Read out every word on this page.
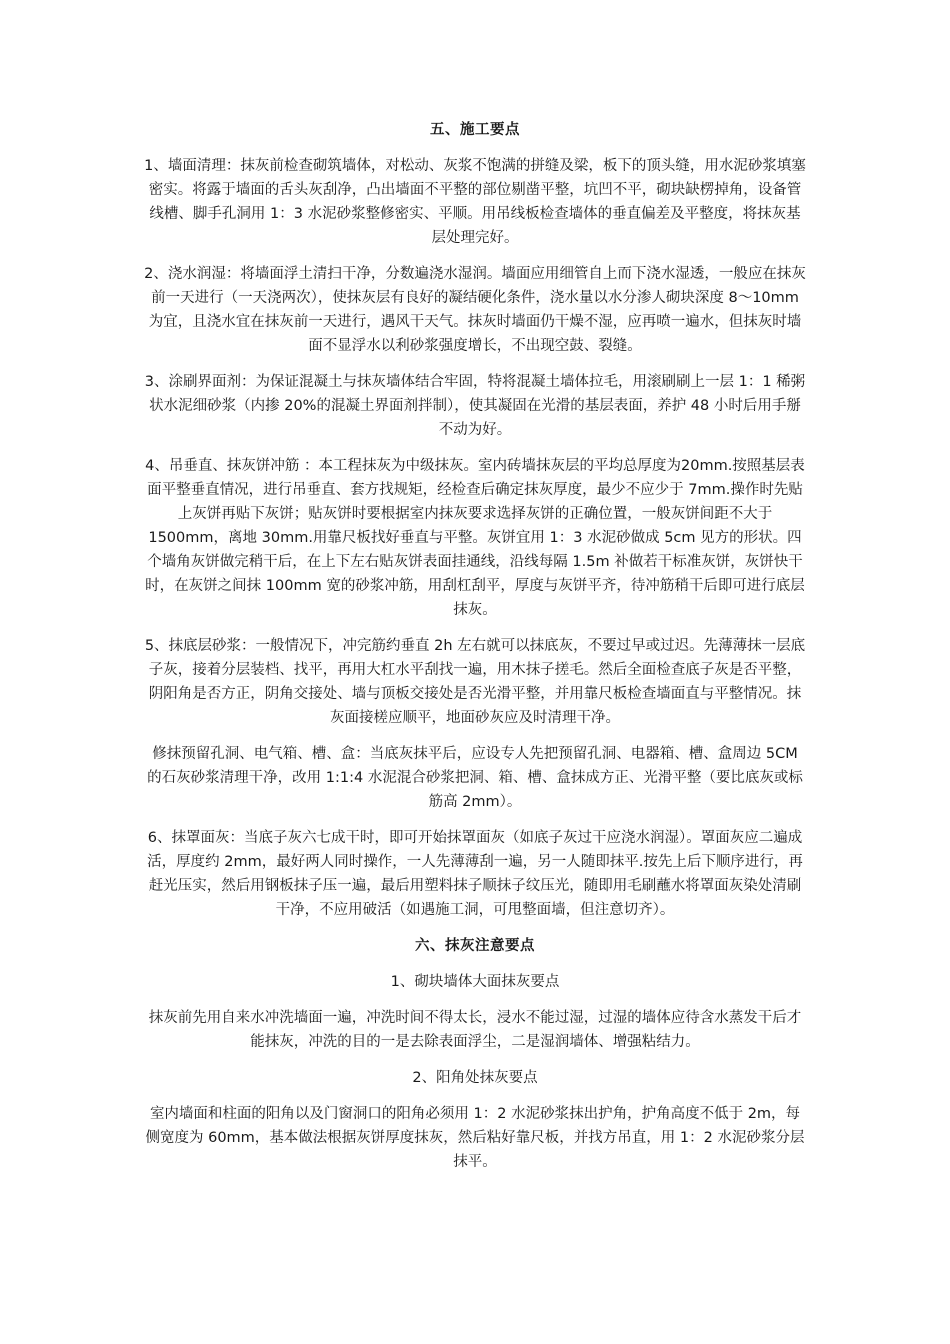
五、施工要点

1、墙面清理：抹灰前检查砌筑墙体，对松动、灰浆不饱满的拼缝及梁，板下的顶头缝，用水泥砂浆填塞密实。将露于墙面的舌头灰刮净，凸出墙面不平整的部位剔凿平整，坑凹不平，砌块缺楞掉角，设备管线槽、脚手孔洞用 1：3 水泥砂浆整修密实、平顺。用吊线板检查墙体的垂直偏差及平整度，将抹灰基层处理完好。

2、浇水润湿：将墙面浮土清扫干净，分数遍浇水湿润。墙面应用细管自上而下浇水湿透，一般应在抹灰前一天进行（一天浇两次），使抹灰层有良好的凝结硬化条件，浇水量以水分渗人砌块深度 8～10mm 为宜，且浇水宜在抹灰前一天进行，遇风干天气。抹灰时墙面仍干燥不湿，应再喷一遍水，但抹灰时墙面不显浮水以利砂浆强度增长，不出现空鼓、裂缝。

3、涂刷界面剂：为保证混凝土与抹灰墙体结合牢固，特将混凝土墙体拉毛，用滚刷刷上一层 1：1 稀粥状水泥细砂浆（内掺 20%的混凝土界面剂拌制），使其凝固在光滑的基层表面，养护 48 小时后用手掰不动为好。

4、吊垂直、抹灰饼冲筋 ：本工程抹灰为中级抹灰。室内砖墙抹灰层的平均总厚度为20mm.按照基层表面平整垂直情况，进行吊垂直、套方找规矩，经检查后确定抹灰厚度，最少不应少于 7mm.操作时先贴上灰饼再贴下灰饼；贴灰饼时要根据室内抹灰要求选择灰饼的正确位置，一般灰饼间距不大于 1500mm，离地 30mm.用靠尺板找好垂直与平整。灰饼宜用 1：3 水泥砂做成 5cm 见方的形状。四个墙角灰饼做完稍干后，在上下左右贴灰饼表面挂通线，沿线每隔 1.5m 补做若干标准灰饼，灰饼快干时，在灰饼之间抹 100mm 宽的砂浆冲筋，用刮杠刮平，厚度与灰饼平齐，待冲筋稍干后即可进行底层抹灰。

5、抹底层砂浆：一般情况下，冲完筋约垂直 2h 左右就可以抹底灰，不要过早或过迟。先薄薄抹一层底子灰，接着分层装档、找平，再用大杠水平刮找一遍，用木抹子搓毛。然后全面检查底子灰是否平整，阴阳角是否方正，阴角交接处、墙与顶板交接处是否光滑平整，并用靠尺板检查墙面直与平整情况。抹灰面接槎应顺平，地面砂灰应及时清理干净。

修抹预留孔洞、电气箱、槽、盒：当底灰抹平后，应设专人先把预留孔洞、电器箱、槽、盒周边 5CM 的石灰砂浆清理干净，改用 1:1:4 水泥混合砂浆把洞、箱、槽、盒抹成方正、光滑平整（要比底灰或标筋高 2mm）。

6、抹罩面灰：当底子灰六七成干时，即可开始抹罩面灰（如底子灰过干应浇水润湿）。罩面灰应二遍成活，厚度约 2mm，最好两人同时操作，一人先薄薄刮一遍，另一人随即抹平.按先上后下顺序进行，再赶光压实，然后用钢板抹子压一遍，最后用塑料抹子顺抹子纹压光，随即用毛刷蘸水将罩面灰染处清刷干净，不应用破活（如遇施工洞，可甩整面墙，但注意切齐）。

六、抹灰注意要点
1、砌块墙体大面抹灰要点

抹灰前先用自来水冲洗墙面一遍，冲洗时间不得太长，浸水不能过湿，过湿的墙体应待含水蒸发干后才能抹灰，冲洗的目的一是去除表面浮尘，二是湿润墙体、增强粘结力。

2、阳角处抹灰要点

室内墙面和柱面的阳角以及门窗洞口的阳角必须用 1：2 水泥砂浆抹出护角，护角高度不低于 2m，每侧宽度为 60mm，基本做法根据灰饼厚度抹灰，然后粘好靠尺板，并找方吊直，用 1：2 水泥砂浆分层抹平。
